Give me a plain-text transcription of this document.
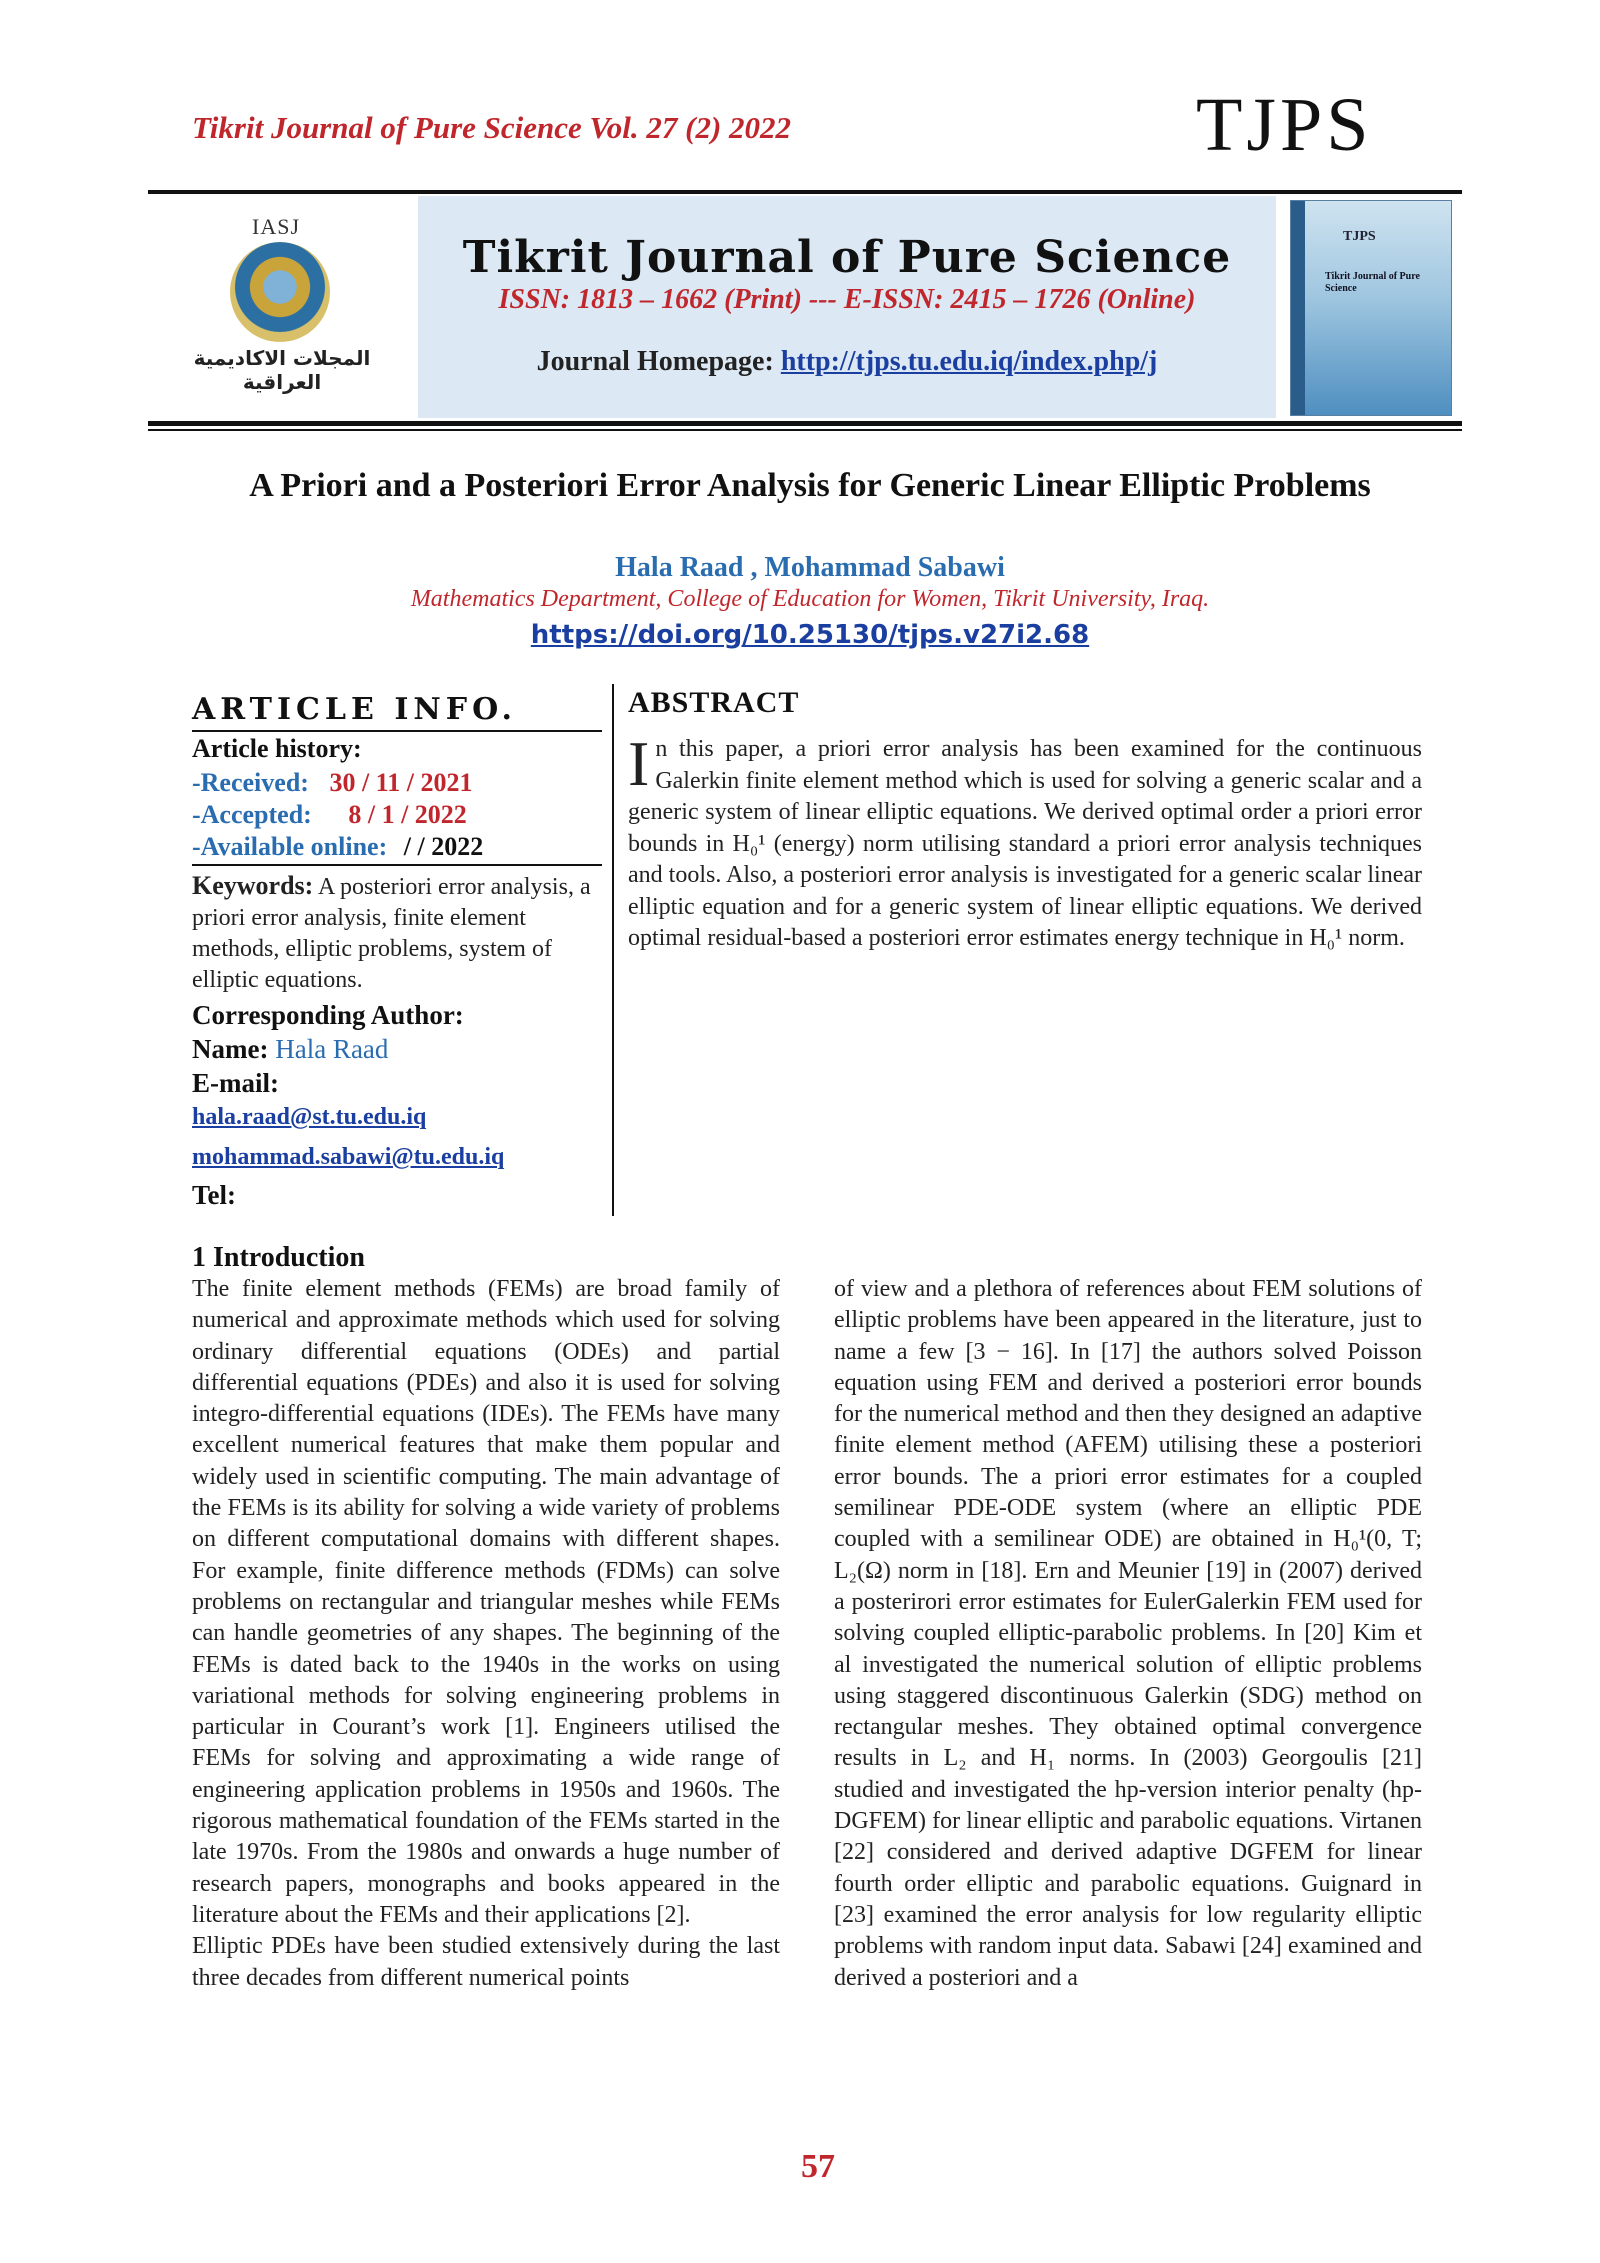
Tikrit Journal of Pure Science Vol. 27 (2) 2022	TJPS
IASJ
المجلات الاكاديمية العراقية
Tikrit Journal of Pure Science
ISSN: 1813 – 1662 (Print) --- E-ISSN: 2415 – 1726 (Online)
Journal Homepage: http://tjps.tu.edu.iq/index.php/j
TJPS
Tikrit Journal of Pure Science
A Priori and a Posteriori Error Analysis for Generic Linear Elliptic Problems
Hala Raad , Mohammad Sabawi
Mathematics Department, College of Education for Women, Tikrit University, Iraq.
https://doi.org/10.25130/tjps.v27i2.68
ARTICLE INFO.
Article history:
-Received: 30 / 11 / 2021
-Accepted: 8 / 1 / 2022
-Available online: / / 2022
Keywords: A posteriori error analysis, a priori error analysis, finite element methods, elliptic problems, system of elliptic equations.
Corresponding Author:
Name: Hala Raad
E-mail:
hala.raad@st.tu.edu.iq
mohammad.sabawi@tu.edu.iq
Tel:
ABSTRACT
In this paper, a priori error analysis has been examined for the continuous Galerkin finite element method which is used for solving a generic scalar and a generic system of linear elliptic equations. We derived optimal order a priori error bounds in H₀¹ (energy) norm utilising standard a priori error analysis techniques and tools. Also, a posteriori error analysis is investigated for a generic scalar linear elliptic equation and for a generic system of linear elliptic equations. We derived optimal residual-based a posteriori error estimates energy technique in H₀¹ norm.
1 Introduction

The finite element methods (FEMs) are broad family of numerical and approximate methods which used for solving ordinary differential equations (ODEs) and partial differential equations (PDEs) and also it is used for solving integro-differential equations (IDEs). The FEMs have many excellent numerical features that make them popular and widely used in scientific computing. The main advantage of the FEMs is its ability for solving a wide variety of problems on different computational domains with different shapes. For example, finite difference methods (FDMs) can solve problems on rectangular and triangular meshes while FEMs can handle geometries of any shapes. The beginning of the FEMs is dated back to the 1940s in the works on using variational methods for solving engineering problems in particular in Courant’s work [1]. Engineers utilised the FEMs for solving and approximating a wide range of engineering application problems in 1950s and 1960s. The rigorous mathematical foundation of the FEMs started in the late 1970s. From the 1980s and onwards a huge number of research papers, monographs and books appeared in the literature about the FEMs and their applications [2].

Elliptic PDEs have been studied extensively during the last three decades from different numerical points

of view and a plethora of references about FEM solutions of elliptic problems have been appeared in the literature, just to name a few [3 − 16]. In [17] the authors solved Poisson equation using FEM and derived a posteriori error bounds for the numerical method and then they designed an adaptive finite element method (AFEM) utilising these a posteriori error bounds. The a priori error estimates for a coupled semilinear PDE-ODE system (where an elliptic PDE coupled with a semilinear ODE) are obtained in H₀¹(0, T; L₂(Ω) norm in [18]. Ern and Meunier [19] in (2007) derived a posterirori error estimates for EulerGalerkin FEM used for solving coupled elliptic-parabolic problems. In [20] Kim et al investigated the numerical solution of elliptic problems using staggered discontinuous Galerkin (SDG) method on rectangular meshes. They obtained optimal convergence results in L₂ and H₁ norms. In (2003) Georgoulis [21] studied and investigated the hp-version interior penalty (hp-DGFEM) for linear elliptic and parabolic equations. Virtanen [22] considered and derived adaptive DGFEM for linear fourth order elliptic and parabolic equations. Guignard in [23] examined the error analysis for low regularity elliptic problems with random input data. Sabawi [24] examined and derived a posteriori and a

57
